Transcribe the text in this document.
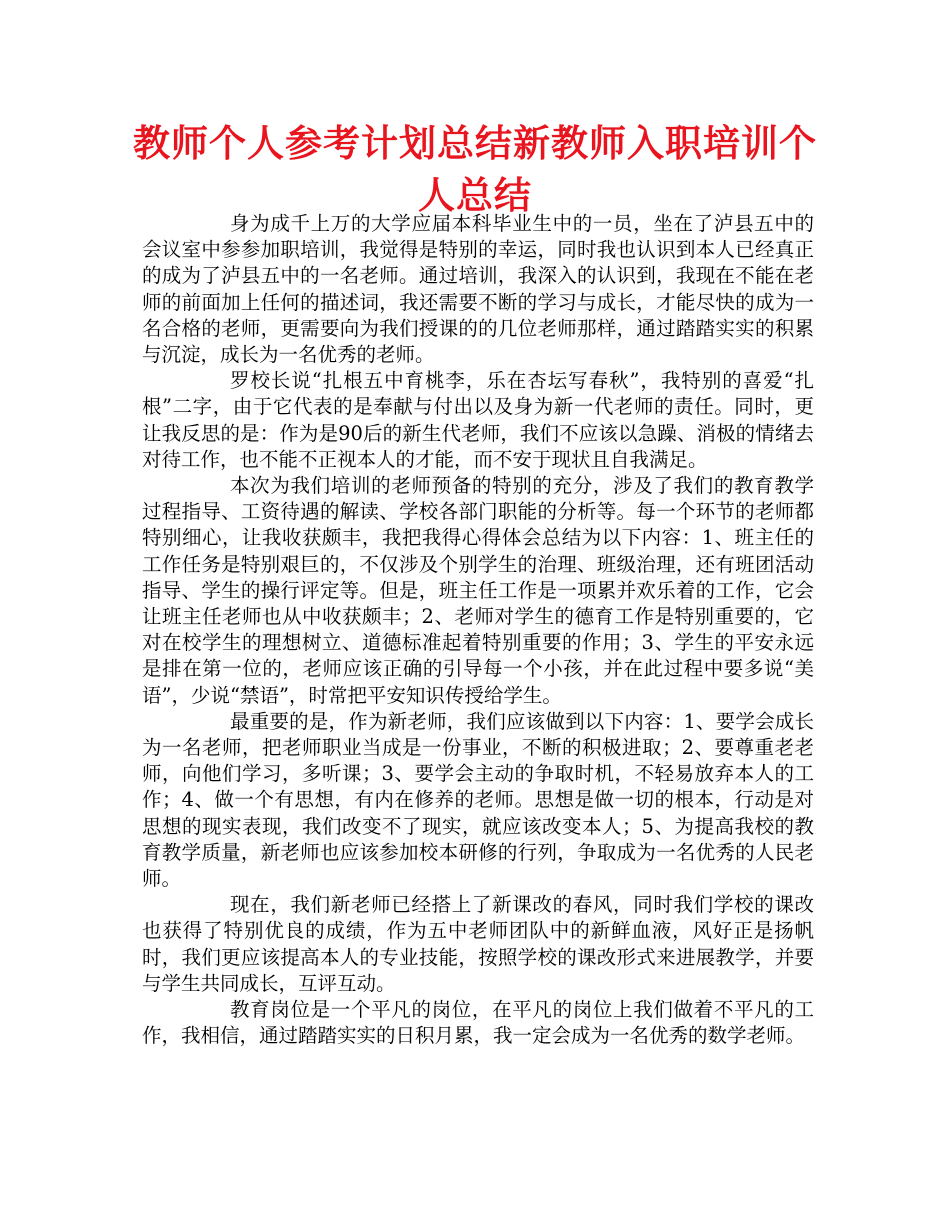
教师个人参考计划总结新教师入职培训个人总结

身为成千上万的大学应届本科毕业生中的一员，坐在了泸县五中的会议室中参参加职培训，我觉得是特别的幸运，同时我也认识到本人已经真正的成为了泸县五中的一名老师。通过培训，我深入的认识到，我现在不能在老师的前面加上任何的描述词，我还需要不断的学习与成长，才能尽快的成为一名合格的老师，更需要向为我们授课的的几位老师那样，通过踏踏实实的积累与沉淀，成长为一名优秀的老师。

罗校长说“扎根五中育桃李，乐在杏坛写春秋”，我特别的喜爱“扎根”二字，由于它代表的是奉献与付出以及身为新一代老师的责任。同时，更让我反思的是：作为是90后的新生代老师，我们不应该以急躁、消极的情绪去对待工作，也不能不正视本人的才能，而不安于现状且自我满足。

本次为我们培训的老师预备的特别的充分，涉及了我们的教育教学过程指导、工资待遇的解读、学校各部门职能的分析等。每一个环节的老师都特别细心，让我收获颇丰，我把我得心得体会总结为以下内容：1、班主任的工作任务是特别艰巨的，不仅涉及个别学生的治理、班级治理，还有班团活动指导、学生的操行评定等。但是，班主任工作是一项累并欢乐着的工作，它会让班主任老师也从中收获颇丰；2、老师对学生的德育工作是特别重要的，它对在校学生的理想树立、道德标准起着特别重要的作用；3、学生的平安永远是排在第一位的，老师应该正确的引导每一个小孩，并在此过程中要多说“美语”，少说“禁语”，时常把平安知识传授给学生。

最重要的是，作为新老师，我们应该做到以下内容：1、要学会成长为一名老师，把老师职业当成是一份事业，不断的积极进取；2、要尊重老老师，向他们学习，多听课；3、要学会主动的争取时机，不轻易放弃本人的工作；4、做一个有思想，有内在修养的老师。思想是做一切的根本，行动是对思想的现实表现，我们改变不了现实，就应该改变本人；5、为提高我校的教育教学质量，新老师也应该参加校本研修的行列，争取成为一名优秀的人民老师。

现在，我们新老师已经搭上了新课改的春风，同时我们学校的课改也获得了特别优良的成绩，作为五中老师团队中的新鲜血液，风好正是扬帆时，我们更应该提高本人的专业技能，按照学校的课改形式来进展教学，并要与学生共同成长，互评互动。

教育岗位是一个平凡的岗位，在平凡的岗位上我们做着不平凡的工作，我相信，通过踏踏实实的日积月累，我一定会成为一名优秀的数学老师。
